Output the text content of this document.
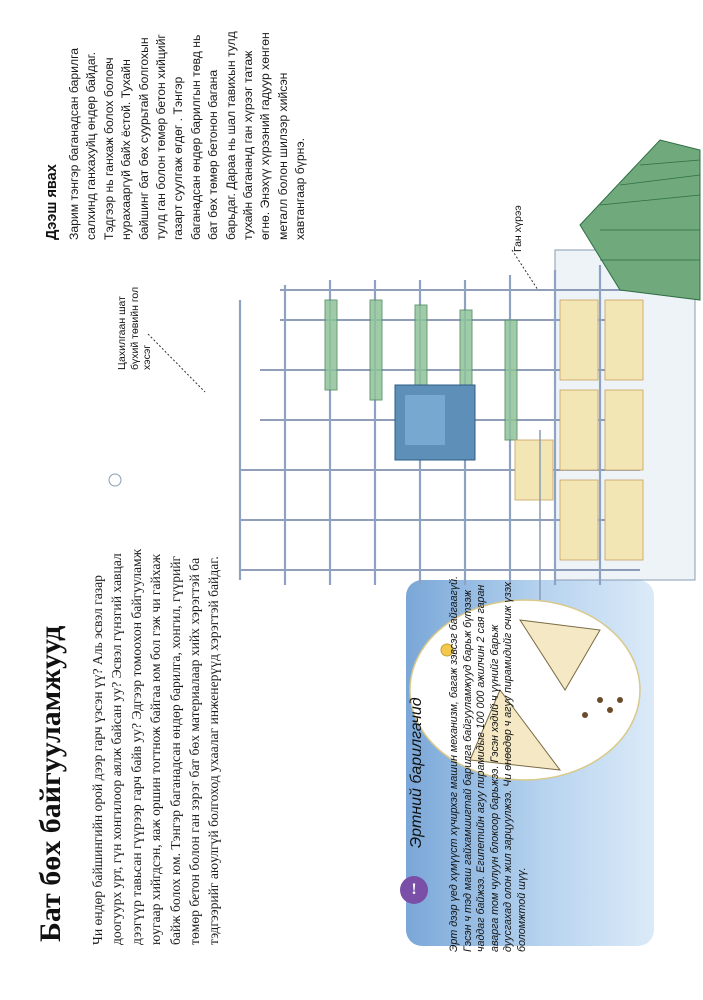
Бат бөх байгууламжууд Чи өндөр байшингийн орой дээр гарч үзсэн үү? Аль эсвэл газар доогуурх урт, гүн хонгилоор аялж байсан уу? Эсвэл гүнзгий хавцал дээгүүр тавьсан гүүрээр гарч байв уу? Эдгээр томоохон байгууламж юугаар хийгдсэн, яаж оршин тогтнож байгаа юм бол гэж чи гайхаж байж болох юм. Тэнгэр баганадсан өндөр барилга, хонгил, гүүрийг төмөр бетон болон ган зэрэг бат бөх материалаар хийх хэрэгтэй ба тэдгээрийг аюулгүй болгоход ухаалаг инженерүүд хэрэгтэй байдаг.	!
Эртний барилгачид Эрт дээр үед хүмүүст хүчирхэг машин механизм, багаж зэвсэг байгаагүй. Гэсэн ч тэд маш гайхамшигтай барилга байгууламжууд барьж бүтээж чаддаг байжээ. Египетийн агуу пирамидыг 100 000 ажилчин 2 сая гаран аварга том чулуун блокоор барьжээ. Гэсэн хэдий ч үүнийг барьж дуусгахад олон жил зарцуулжээ. Чи өнөөдөр ч агуу пирамидийг очиж үзэх боломжтой шүү.

Дээш явах Зарим тэнгэр баганадсан барилга салхинд ганхахуйц өндөр байдаг. Тэдгээр нь ганхаж болох боловч нурахааргүй байх ёстой. Тухайн байшинг бат бөх суурьтай болгохын тулд ган болон төмөр бетон хийцийг газарт суулгаж өгдөг . Тэнгэр баганадсан өндөр барилгын төвд нь бат бөх төмөр бетонон багана барьдаг. Дараа нь шал тавихын тулд тухайн багананд ган хүрээг татаж өгнө. Энэхүү хүрээний гадуур хөнгөн металл болон шилээр хийсэн хавтангаар бүрнэ.

Цахилгаан шат бүхий төвийн гол хэсэг
Ган хүрээ
